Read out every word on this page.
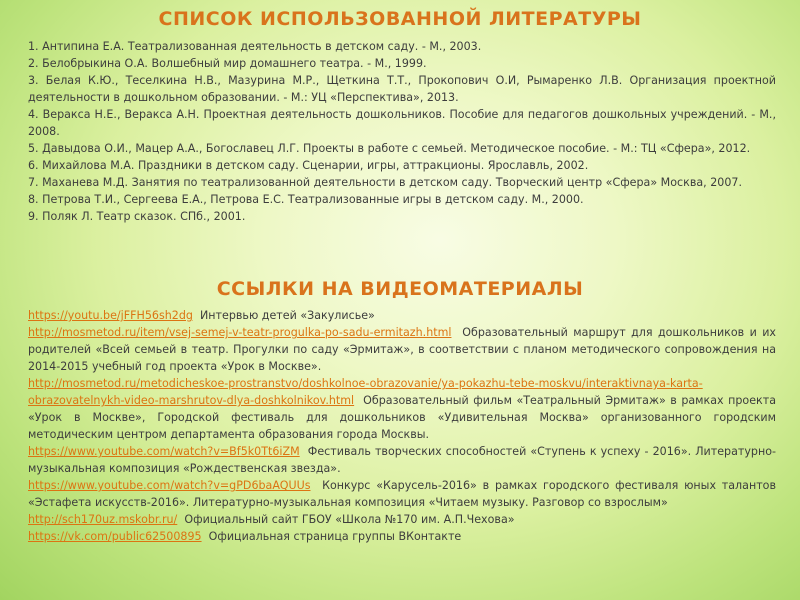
СПИСОК ИСПОЛЬЗОВАННОЙ ЛИТЕРАТУРЫ

1. Антипина Е.А. Театрализованная деятельность в детском саду. - М., 2003.

2. Белобрыкина О.А. Волшебный мир домашнего театра. - М., 1999.

3. Белая К.Ю., Теселкина Н.В., Мазурина М.Р., Щеткина Т.Т., Прокопович О.И, Рымаренко Л.В. Организация проектной деятельности в дошкольном образовании. - М.: УЦ «Перспектива», 2013.

4. Веракса Н.Е., Веракса А.Н. Проектная деятельность дошкольников. Пособие для педагогов дошкольных учреждений. - М., 2008.

5. Давыдова О.И., Мацер А.А., Богославец Л.Г. Проекты в работе с семьей. Методическое пособие. - М.: ТЦ «Сфера», 2012.

6. Михайлова М.А. Праздники в детском саду. Сценарии, игры, аттракционы. Ярославль, 2002.

7. Маханева М.Д. Занятия по театрализованной деятельности в детском саду. Творческий центр «Сфера» Москва, 2007.

8. Петрова Т.И., Сергеева Е.А., Петрова Е.С. Театрализованные игры в детском саду. М., 2000.

9. Поляк Л. Театр сказок. СПб., 2001.

ССЫЛКИ НА ВИДЕОМАТЕРИАЛЫ

https://youtu.be/jFFH56sh2dg Интервью детей «Закулисье»

http://mosmetod.ru/item/vsej-semej-v-teatr-progulka-po-sadu-ermitazh.html Образовательный маршрут для дошкольников и их родителей «Всей семьей в театр. Прогулки по саду «Эрмитаж», в соответствии с планом методического сопровождения на 2014-2015 учебный год проекта «Урок в Москве».

http://mosmetod.ru/metodicheskoe-prostranstvo/doshkolnoe-obrazovanie/ya-pokazhu-tebe-moskvu/interaktivnaya-karta-obrazovatelnykh-video-marshrutov-dlya-doshkolnikov.html Образовательный фильм «Театральный Эрмитаж» в рамках проекта «Урок в Москве», Городской фестиваль для дошкольников «Удивительная Москва» организованного городским методическим центром департамента образования города Москвы.

https://www.youtube.com/watch?v=Bf5k0Tt6iZM Фестиваль творческих способностей «Ступень к успеху - 2016». Литературно-музыкальная композиция «Рождественская звезда».

https://www.youtube.com/watch?v=gPD6baAQUUs Конкурс «Карусель-2016» в рамках городского фестиваля юных талантов «Эстафета искусств-2016». Литературно-музыкальная композиция «Читаем музыку. Разговор со взрослым»

http://sch170uz.mskobr.ru/ Официальный сайт ГБОУ «Школа №170 им. А.П.Чехова»

https://vk.com/public62500895 Официальная страница группы ВКонтакте
